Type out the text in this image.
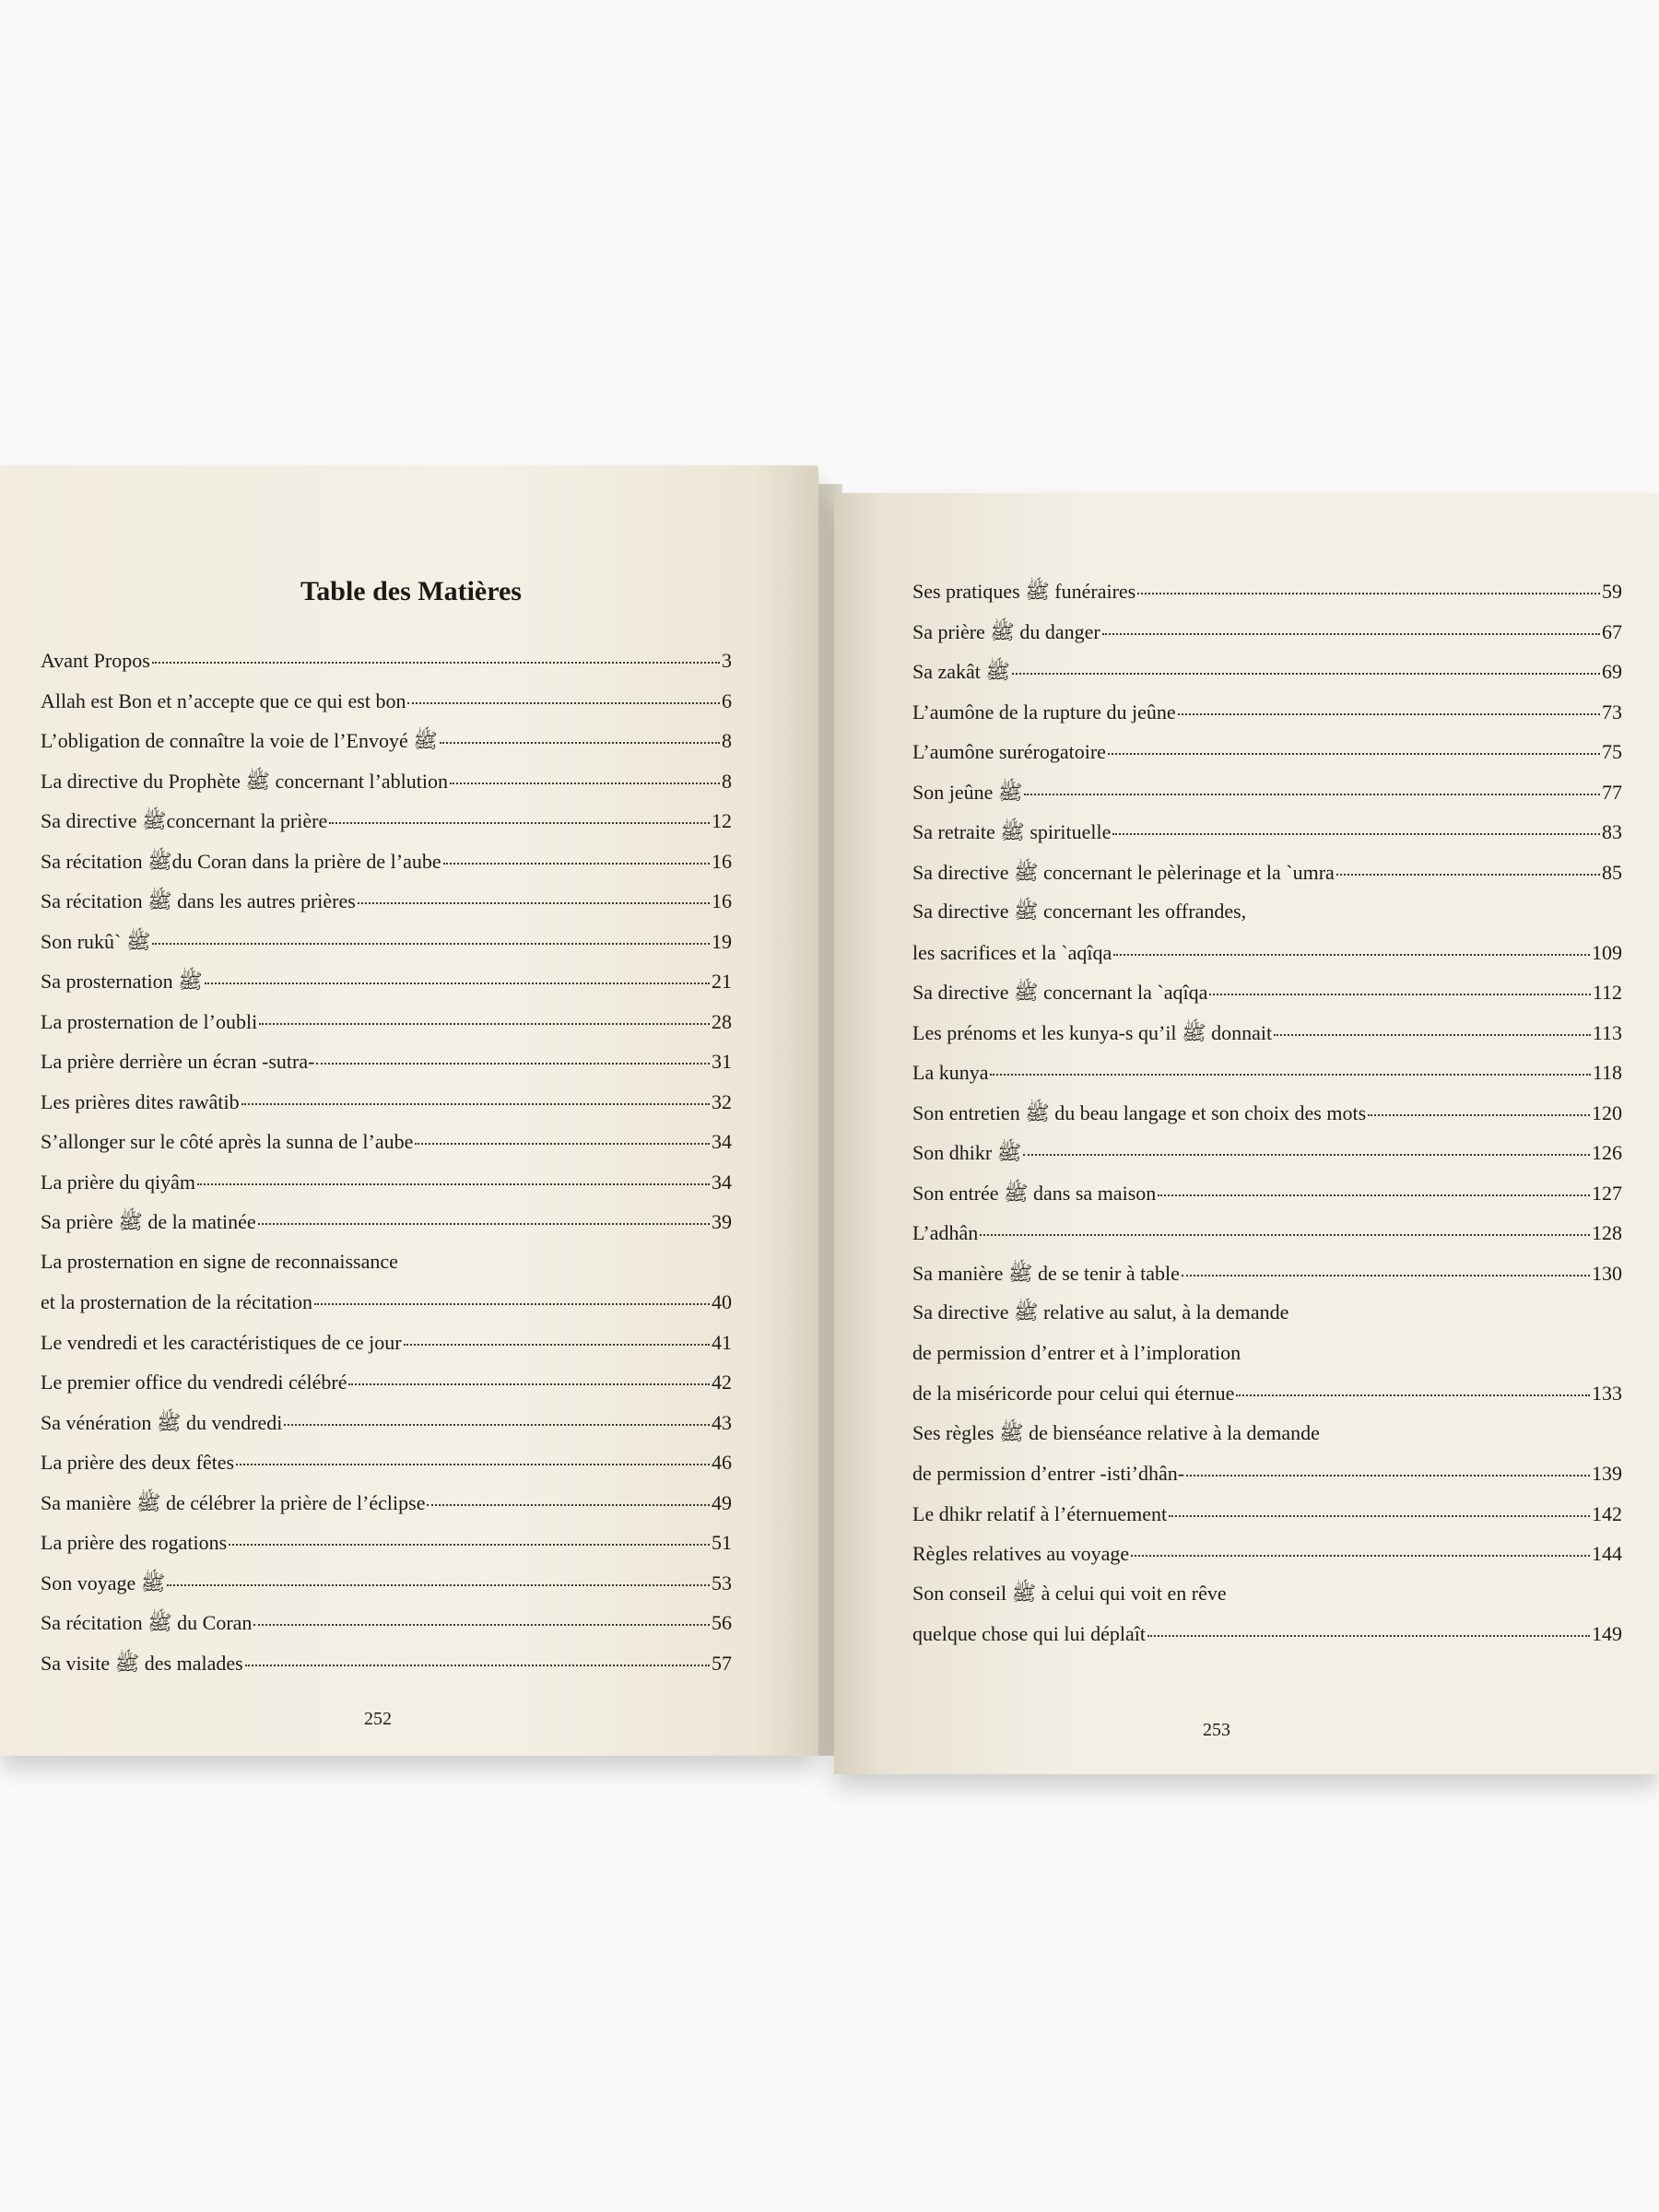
Table des Matières
Avant Propos	3
Allah est Bon et n’accepte que ce qui est bon	6
L’obligation de connaître la voie de l’Envoyé ﷺ	8
La directive du Prophète ﷺ concernant l’ablution	8
Sa directive ﷺconcernant la prière	12
Sa récitation ﷺdu Coran dans la prière de l’aube	16
Sa récitation ﷺ dans les autres prières	16
Son rukû` ﷺ	19
Sa prosternation ﷺ	21
La prosternation de l’oubli	28
La prière derrière un écran -sutra-	31
Les prières dites rawâtib	32
S’allonger sur le côté après la sunna de l’aube	34
La prière du qiyâm	34
Sa prière ﷺ de la matinée	39
La prosternation en signe de reconnaissance
et la prosternation de la récitation	40
Le vendredi et les caractéristiques de ce jour	41
Le premier office du vendredi célébré	42
Sa vénération ﷺ du vendredi	43
La prière des deux fêtes	46
Sa manière ﷺ de célébrer la prière de l’éclipse	49
La prière des rogations	51
Son voyage ﷺ	53
Sa récitation ﷺ du Coran	56
Sa visite ﷺ des malades	57

252

Ses pratiques ﷺ funéraires	59
Sa prière ﷺ du danger	67
Sa zakât ﷺ	69
L’aumône de la rupture du jeûne	73
L’aumône surérogatoire	75
Son jeûne ﷺ	77
Sa retraite ﷺ spirituelle	83
Sa directive ﷺ concernant le pèlerinage et la `umra	85
Sa directive ﷺ concernant les offrandes,
les sacrifices et la `aqîqa	109
Sa directive ﷺ concernant la `aqîqa	112
Les prénoms et les kunya-s qu’il ﷺ donnait	113
La kunya	118
Son entretien ﷺ du beau langage et son choix des mots	120
Son dhikr ﷺ	126
Son entrée ﷺ dans sa maison	127
L’adhân	128
Sa manière ﷺ de se tenir à table	130
Sa directive ﷺ relative au salut, à la demande
de permission d’entrer et à l’imploration
de la miséricorde pour celui qui éternue	133
Ses règles ﷺ de bienséance relative à la demande
de permission d’entrer -isti’dhân-	139
Le dhikr relatif à l’éternuement	142
Règles relatives au voyage	144
Son conseil ﷺ à celui qui voit en rêve
quelque chose qui lui déplaît	149

253
